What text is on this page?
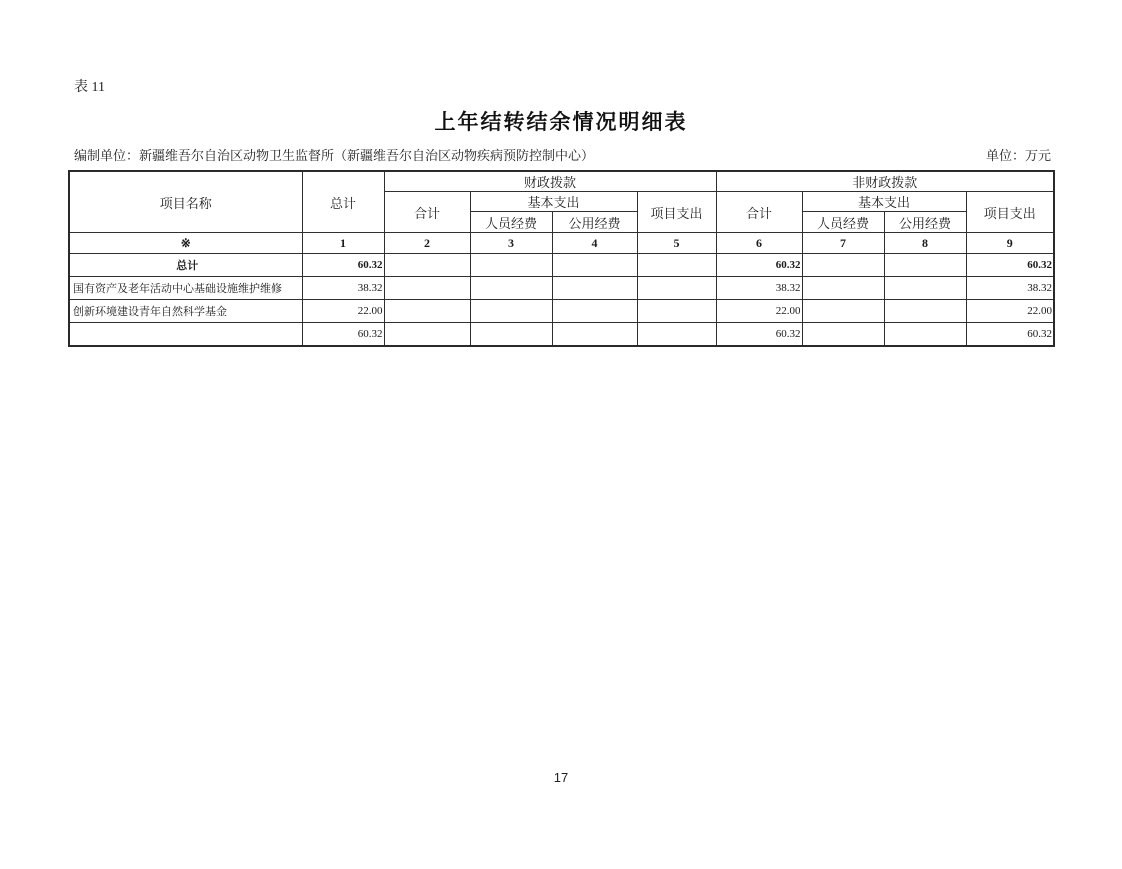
表 11
上年结转结余情况明细表
编制单位：新疆维吾尔自治区动物卫生监督所（新疆维吾尔自治区动物疾病预防控制中心）	单位：万元
项目名称	总计	财政拨款				非财政拨款			
		合计	基本支出		项目支出	合计	基本支出		项目支出
			人员经费	公用经费			人员经费	公用经费	
※	1	2	3	4	5	6	7	8	9
总计	60.32					60.32			60.32
国有资产及老年活动中心基础设施维护维修	38.32					38.32			38.32
创新环境建设青年自然科学基金	22.00					22.00			22.00
	60.32					60.32			60.32
17
